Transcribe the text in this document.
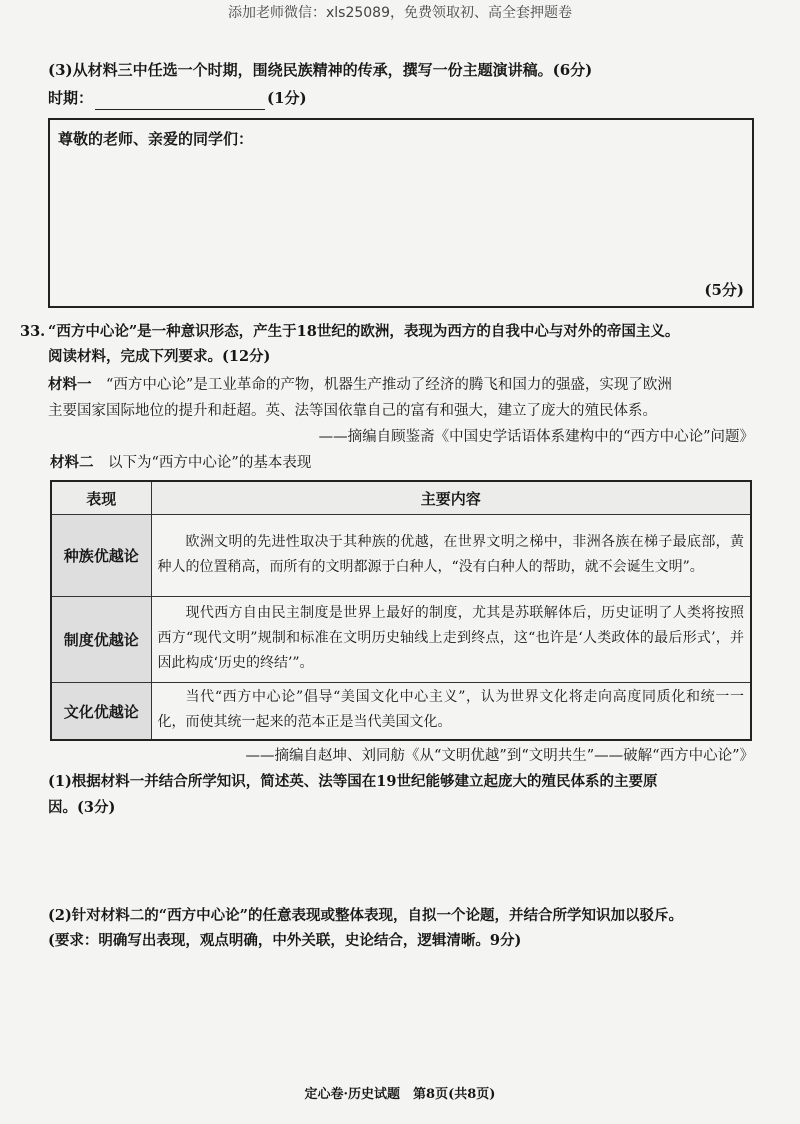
添加老师微信：xls25089，免费领取初、高全套押题卷
(3)从材料三中任选一个时期，围绕民族精神的传承，撰写一份主题演讲稿。(6分)
时期：	(1分)
尊敬的老师、亲爱的同学们：
(5分)
33. “西方中心论”是一种意识形态，产生于18世纪的欧洲，表现为西方的自我中心与对外的帝国主义。
阅读材料，完成下列要求。(12分)
材料一　 “西方中心论”是工业革命的产物，机器生产推动了经济的腾飞和国力的强盛，实现了欧洲
主要国家国际地位的提升和赶超。英、法等国依靠自己的富有和强大，建立了庞大的殖民体系。
——摘编自顾鉴斋《中国史学话语体系建构中的“西方中心论”问题》
材料二　 以下为“西方中心论”的基本表现
表现	主要内容
种族优越论	欧洲文明的先进性取决于其种族的优越，在世界文明之梯中，非洲各族在梯子最底部，黄种人的位置稍高，而所有的文明都源于白种人，“没有白种人的帮助，就不会诞生文明”。
制度优越论	现代西方自由民主制度是世界上最好的制度，尤其是苏联解体后，历史证明了人类将按照西方“现代文明”规制和标准在文明历史轴线上走到终点，这“也许是‘人类政体的最后形式’，并因此构成‘历史的终结’”。
文化优越论	当代“西方中心论”倡导“美国文化中心主义”，认为世界文化将走向高度同质化和统一一化，而使其统一起来的范本正是当代美国文化。
——摘编自赵坤、刘同舫《从“文明优越”到“文明共生”——破解“西方中心论”》
(1)根据材料一并结合所学知识，简述英、法等国在19世纪能够建立起庞大的殖民体系的主要原
因。(3分)
(2)针对材料二的“西方中心论”的任意表现或整体表现，自拟一个论题，并结合所学知识加以驳斥。
(要求：明确写出表现，观点明确，中外关联，史论结合，逻辑清晰。9分)
定心卷·历史试题　第8页(共8页)
